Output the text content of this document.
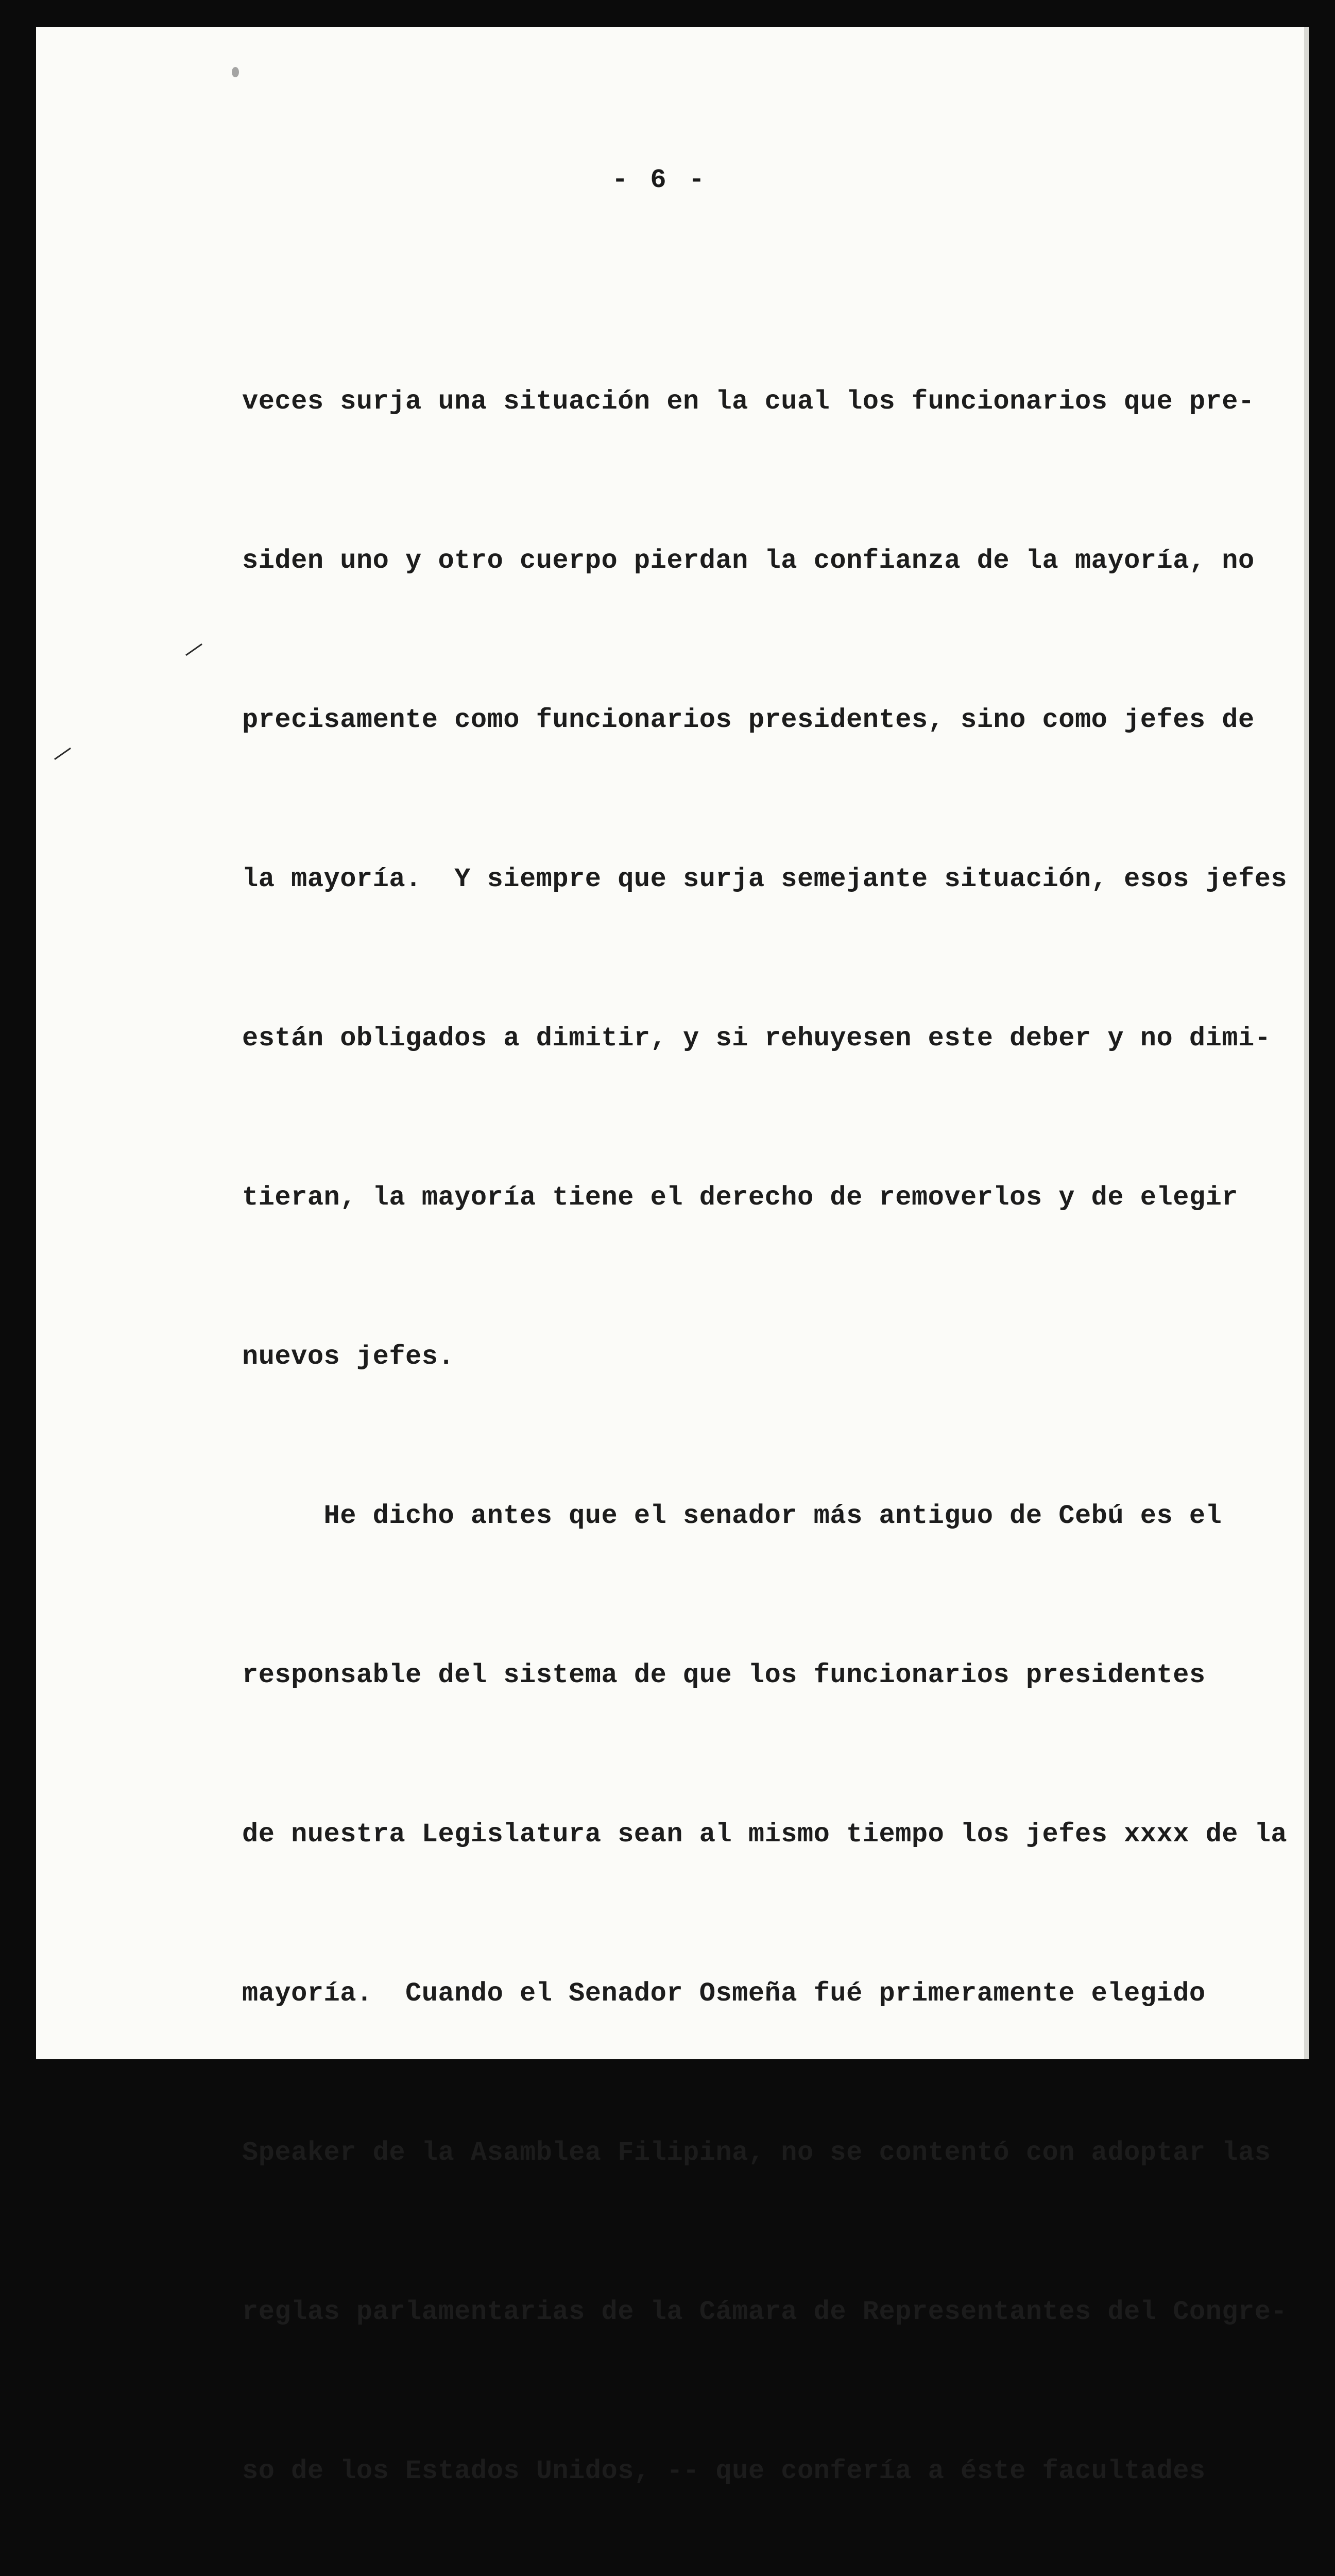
- 6 -

veces surja una situación en la cual los funcionarios que pre-

siden uno y otro cuerpo pierdan la confianza de la mayoría, no

precisamente como funcionarios presidentes, sino como jefes de

la mayoría.  Y siempre que surja semejante situación, esos jefes

están obligados a dimitir, y si rehuyesen este deber y no dimi-

tieran, la mayoría tiene el derecho de removerlos y de elegir

nuevos jefes.

He dicho antes que el senador más antiguo de Cebú es el

responsable del sistema de que los funcionarios presidentes

de nuestra Legislatura sean al mismo tiempo los jefes xxxx de la

mayoría.  Cuando el Senador Osmeña fué primeramente elegido

Speaker de la Asamblea Filipina, no se contentó con adoptar las

reglas parlamentarias de la Cámara de Representantes del Congre-

so de los Estados Unidos, -- que confería a éste facultades
